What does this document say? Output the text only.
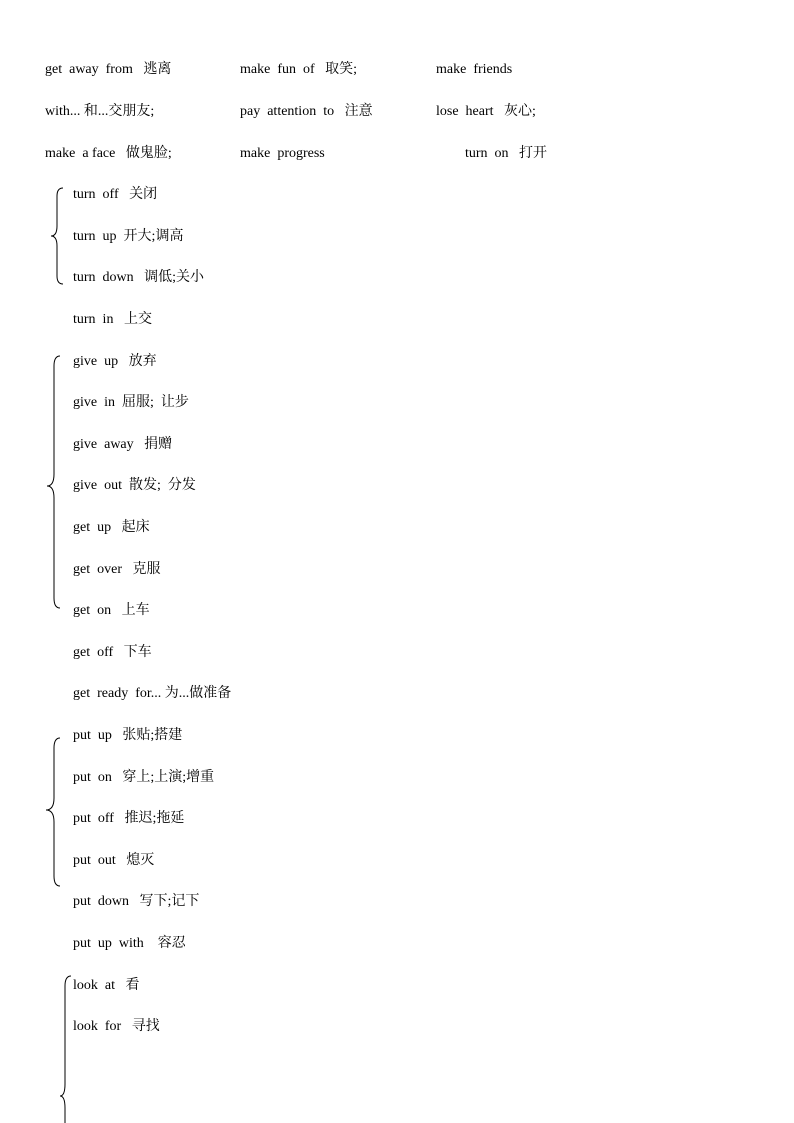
get  away  from   逃离	make  fun  of   取笑;	make  friends
with... 和...交朋友;	pay  attention  to   注意	lose  heart   灰心;
make  a face   做鬼脸;	make  progress	turn  on   打开
turn  off   关闭
turn  up  开大;调高
turn  down   调低;关小
turn  in   上交
give  up   放弃
give  in  屈服;  让步
give  away   捐赠
give  out  散发;  分发
get  up   起床
get  over   克服
get  on   上车
get  off   下车
get  ready  for... 为...做准备
put  up   张贴;搭建
put  on   穿上;上演;增重
put  off   推迟;拖延
put  out   熄灭
put  down   写下;记下
put  up  with    容忍
look  at   看
look  for   寻找
